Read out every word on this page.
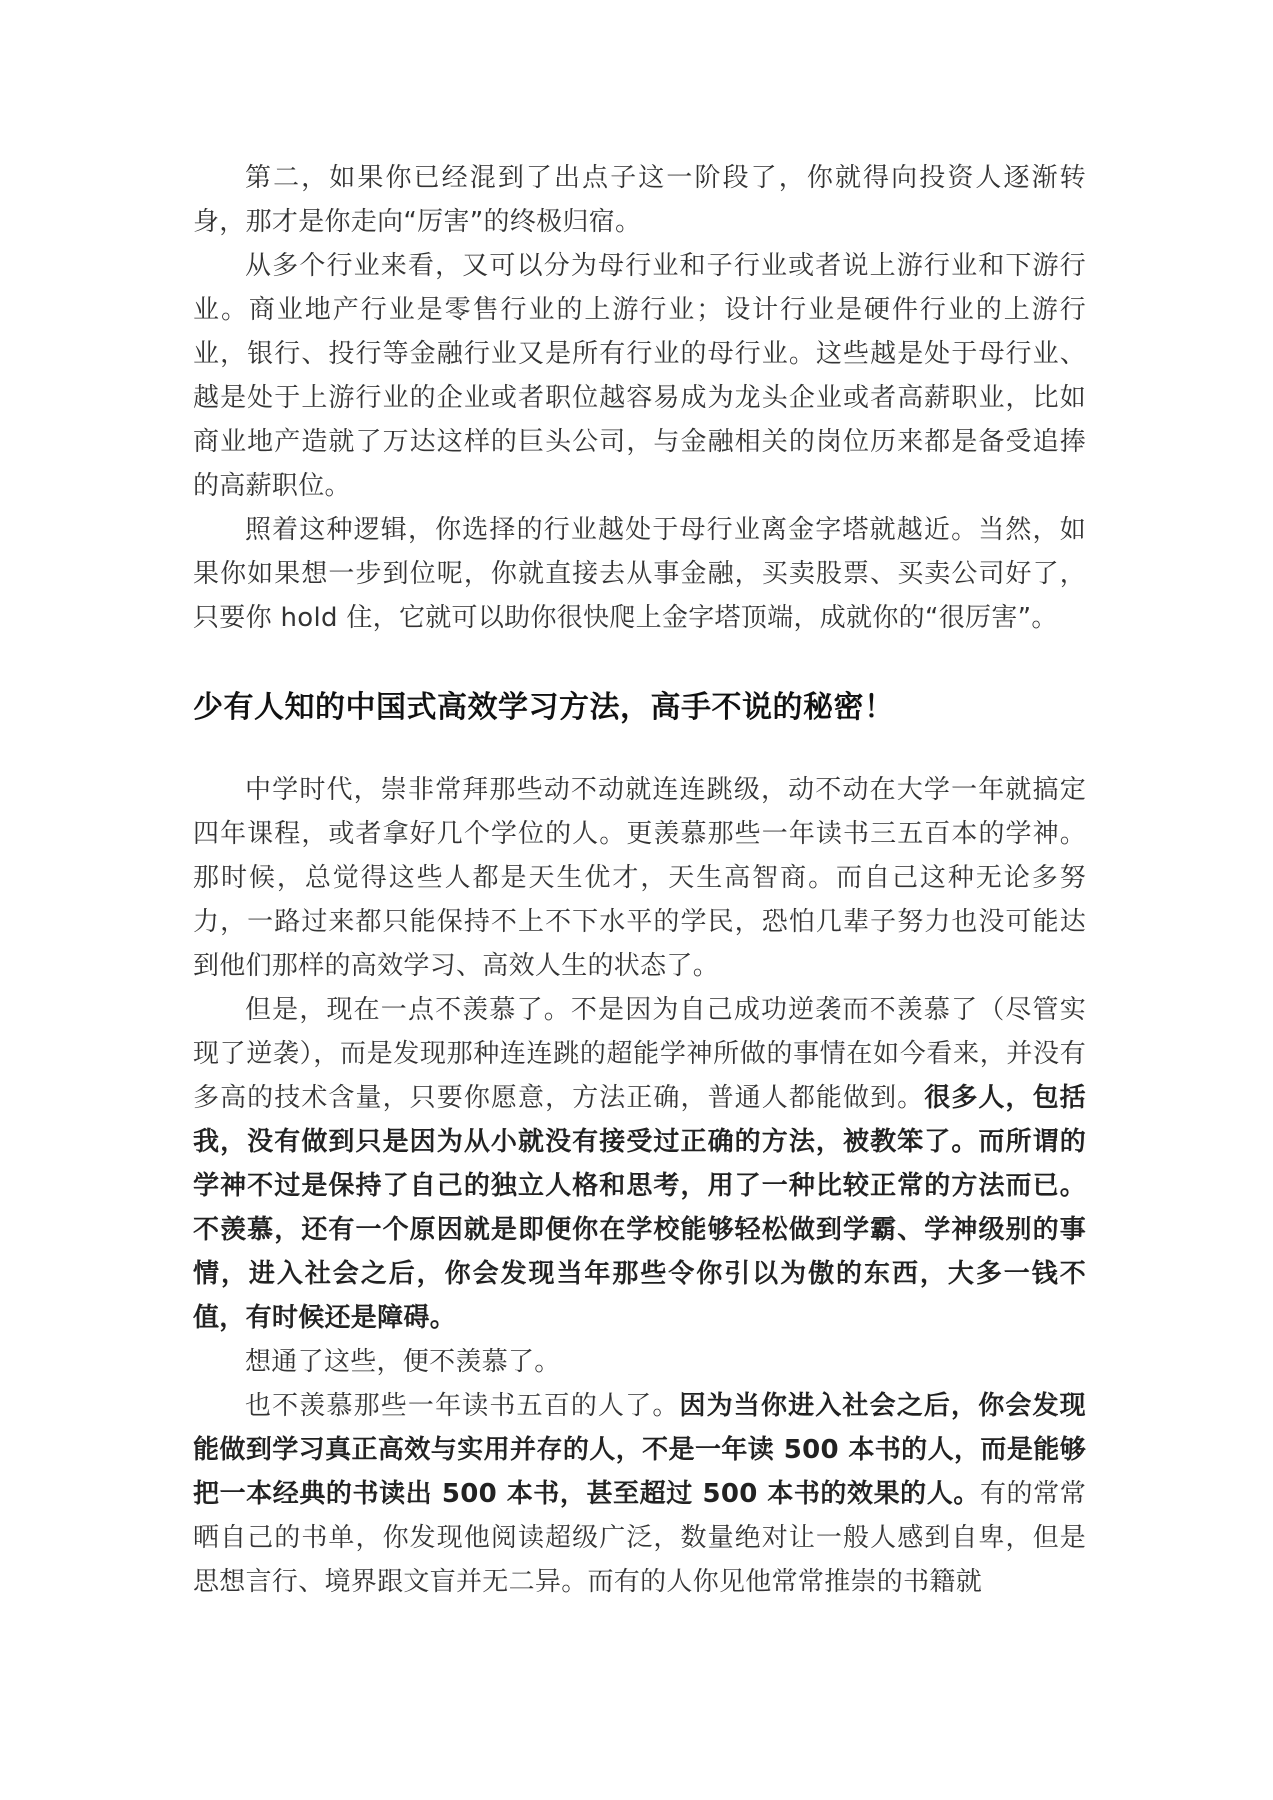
第二，如果你已经混到了出点子这一阶段了，你就得向投资人逐渐转身，那才是你走向“厉害”的终极归宿。

从多个行业来看，又可以分为母行业和子行业或者说上游行业和下游行业。商业地产行业是零售行业的上游行业；设计行业是硬件行业的上游行业，银行、投行等金融行业又是所有行业的母行业。这些越是处于母行业、越是处于上游行业的企业或者职位越容易成为龙头企业或者高薪职业，比如商业地产造就了万达这样的巨头公司，与金融相关的岗位历来都是备受追捧的高薪职位。

照着这种逻辑，你选择的行业越处于母行业离金字塔就越近。当然，如果你如果想一步到位呢，你就直接去从事金融，买卖股票、买卖公司好了，只要你 hold 住，它就可以助你很快爬上金字塔顶端，成就你的“很厉害”。

少有人知的中国式高效学习方法，高手不说的秘密！

中学时代，崇非常拜那些动不动就连连跳级，动不动在大学一年就搞定四年课程，或者拿好几个学位的人。更羡慕那些一年读书三五百本的学神。那时候，总觉得这些人都是天生优才，天生高智商。而自己这种无论多努力，一路过来都只能保持不上不下水平的学民，恐怕几辈子努力也没可能达到他们那样的高效学习、高效人生的状态了。

但是，现在一点不羡慕了。不是因为自己成功逆袭而不羡慕了（尽管实现了逆袭），而是发现那种连连跳的超能学神所做的事情在如今看来，并没有多高的技术含量，只要你愿意，方法正确，普通人都能做到。很多人，包括我，没有做到只是因为从小就没有接受过正确的方法，被教笨了。而所谓的学神不过是保持了自己的独立人格和思考，用了一种比较正常的方法而已。不羡慕，还有一个原因就是即便你在学校能够轻松做到学霸、学神级别的事情，进入社会之后，你会发现当年那些令你引以为傲的东西，大多一钱不值，有时候还是障碍。

想通了这些，便不羡慕了。

也不羡慕那些一年读书五百的人了。因为当你进入社会之后，你会发现能做到学习真正高效与实用并存的人，不是一年读 500 本书的人，而是能够把一本经典的书读出 500 本书，甚至超过 500 本书的效果的人。有的常常晒自己的书单，你发现他阅读超级广泛，数量绝对让一般人感到自卑，但是思想言行、境界跟文盲并无二异。而有的人你见他常常推崇的书籍就
